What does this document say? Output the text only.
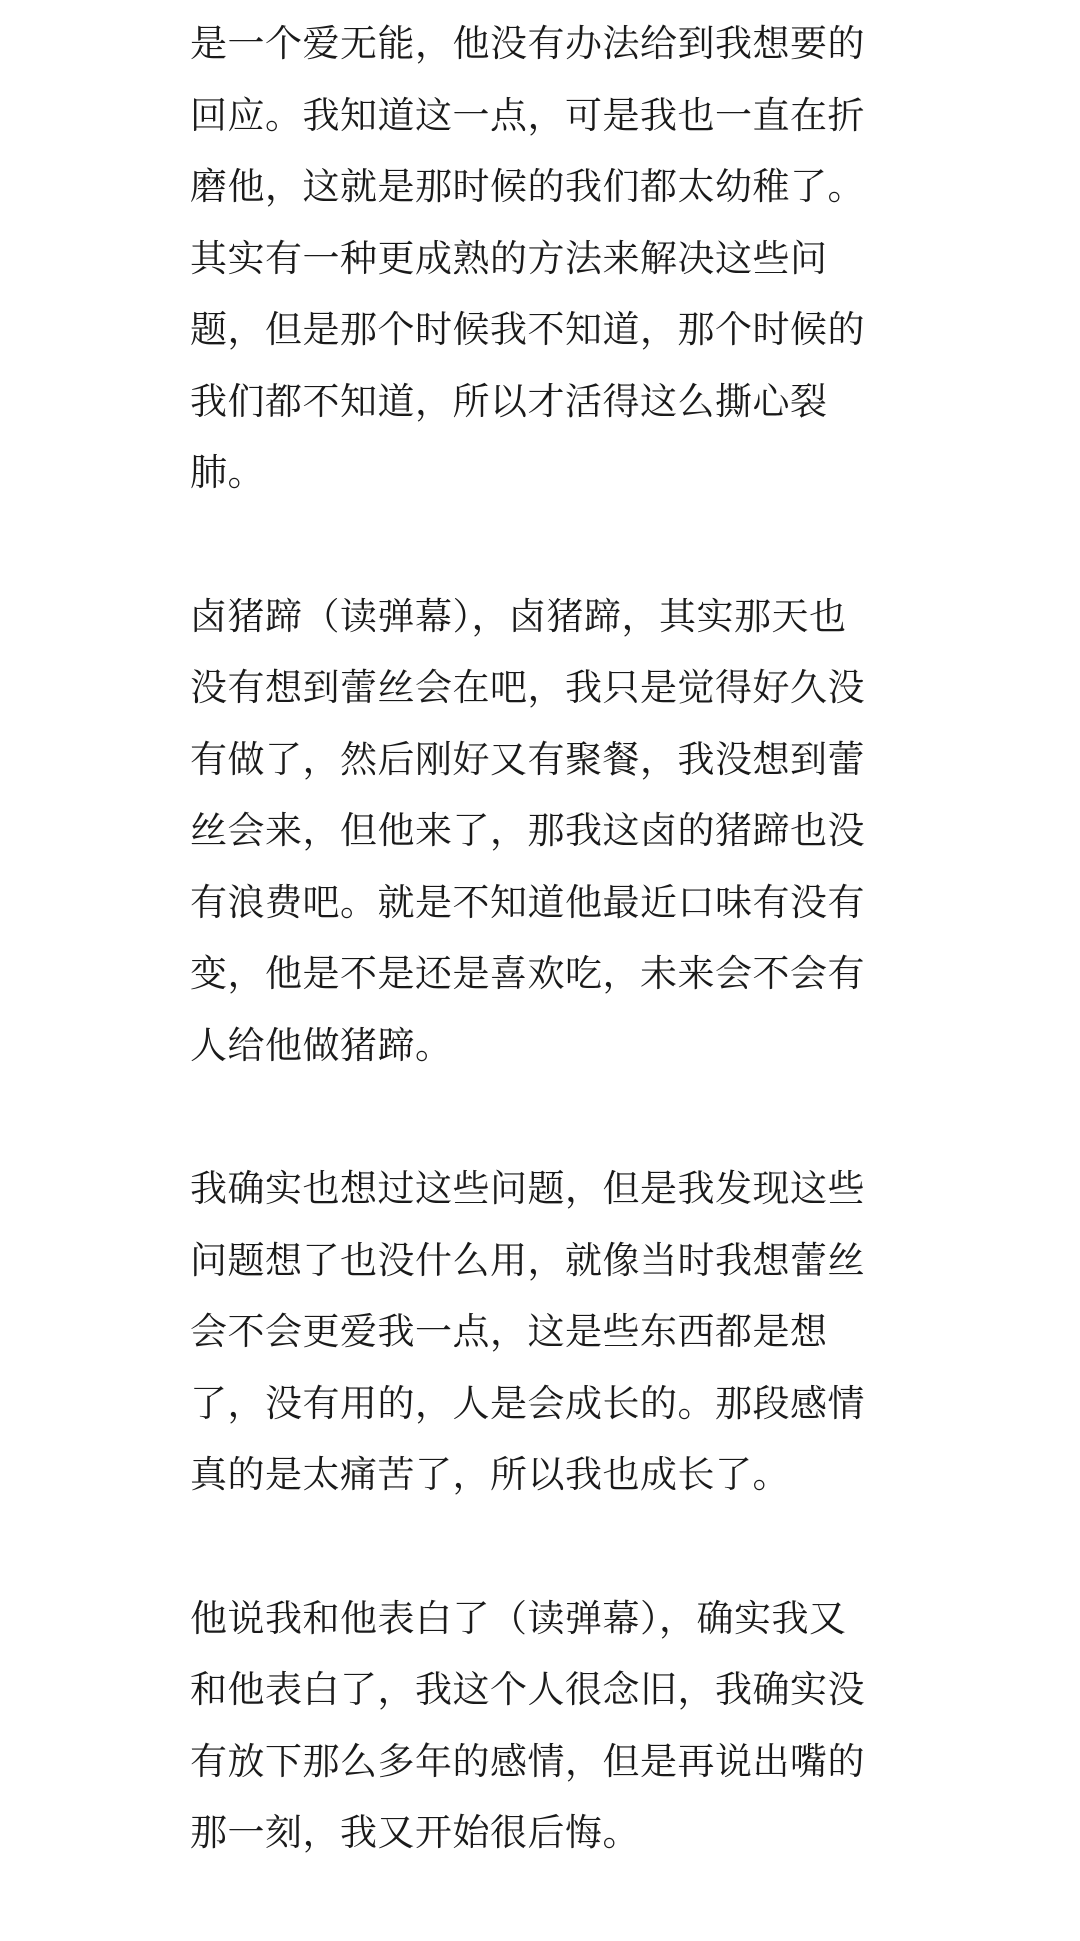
是一个爱无能，他没有办法给到我想要的
回应。我知道这一点，可是我也一直在折
磨他，这就是那时候的我们都太幼稚了。
其实有一种更成熟的方法来解决这些问
题，但是那个时候我不知道，那个时候的
我们都不知道，所以才活得这么撕心裂
肺。

卤猪蹄（读弹幕），卤猪蹄，其实那天也
没有想到蕾丝会在吧，我只是觉得好久没
有做了，然后刚好又有聚餐，我没想到蕾
丝会来，但他来了，那我这卤的猪蹄也没
有浪费吧。就是不知道他最近口味有没有
变，他是不是还是喜欢吃，未来会不会有
人给他做猪蹄。

我确实也想过这些问题，但是我发现这些
问题想了也没什么用，就像当时我想蕾丝
会不会更爱我一点，这是些东西都是想
了，没有用的，人是会成长的。那段感情
真的是太痛苦了，所以我也成长了。

他说我和他表白了（读弹幕），确实我又
和他表白了，我这个人很念旧，我确实没
有放下那么多年的感情，但是再说出嘴的
那一刻，我又开始很后悔。
